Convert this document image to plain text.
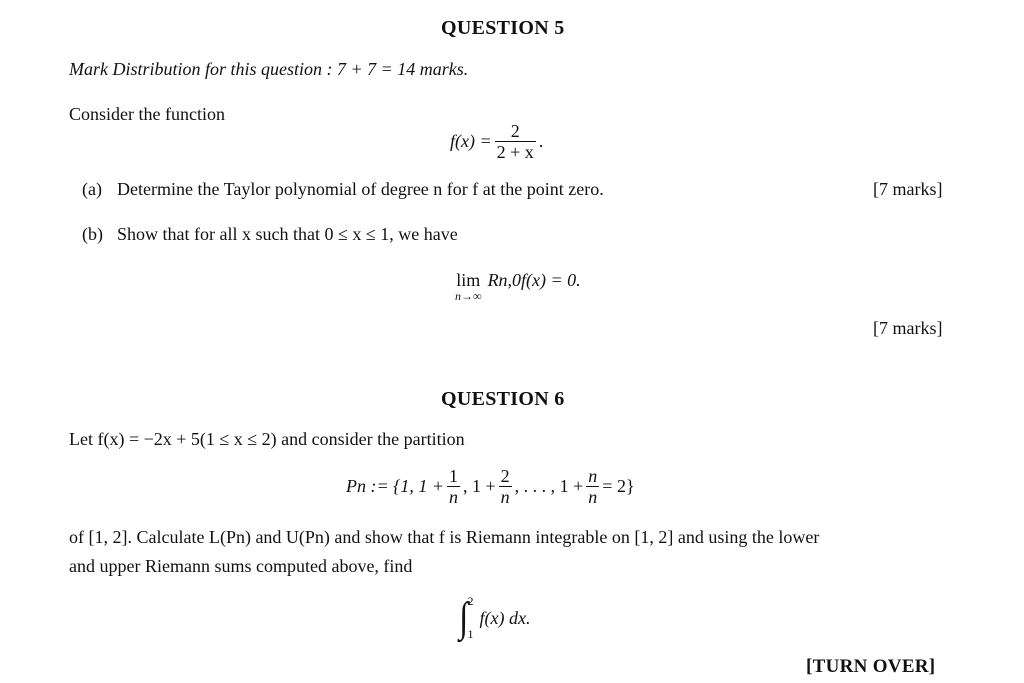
QUESTION 5
Mark Distribution for this question : 7 + 7 = 14 marks.
Consider the function
$f(x) = \frac{2}{2 + x}$ .
(a) Determine the Taylor polynomial of degree n for f at the point zero.	[7 marks]
(b) Show that for all x such that 0 ≤ x ≤ 1, we have
lim
n→∞
Rn,0f(x) = 0.
[7 marks]
QUESTION 6
Let f(x) = −2x + 5(1 ≤ x ≤ 2) and consider the partition
Pn := {1, $1 + \frac{1}{n}$ , $1 + \frac{2}{n}$ , . . . , $1 + \frac{n}{n} = 2$}
of [1, 2]. Calculate L(Pn) and U(Pn) and show that f is Riemann integrable on [1, 2] and using the lower
and upper Riemann sums computed above, find
∫ 2
1
f(x) dx.
[TURN OVER]
